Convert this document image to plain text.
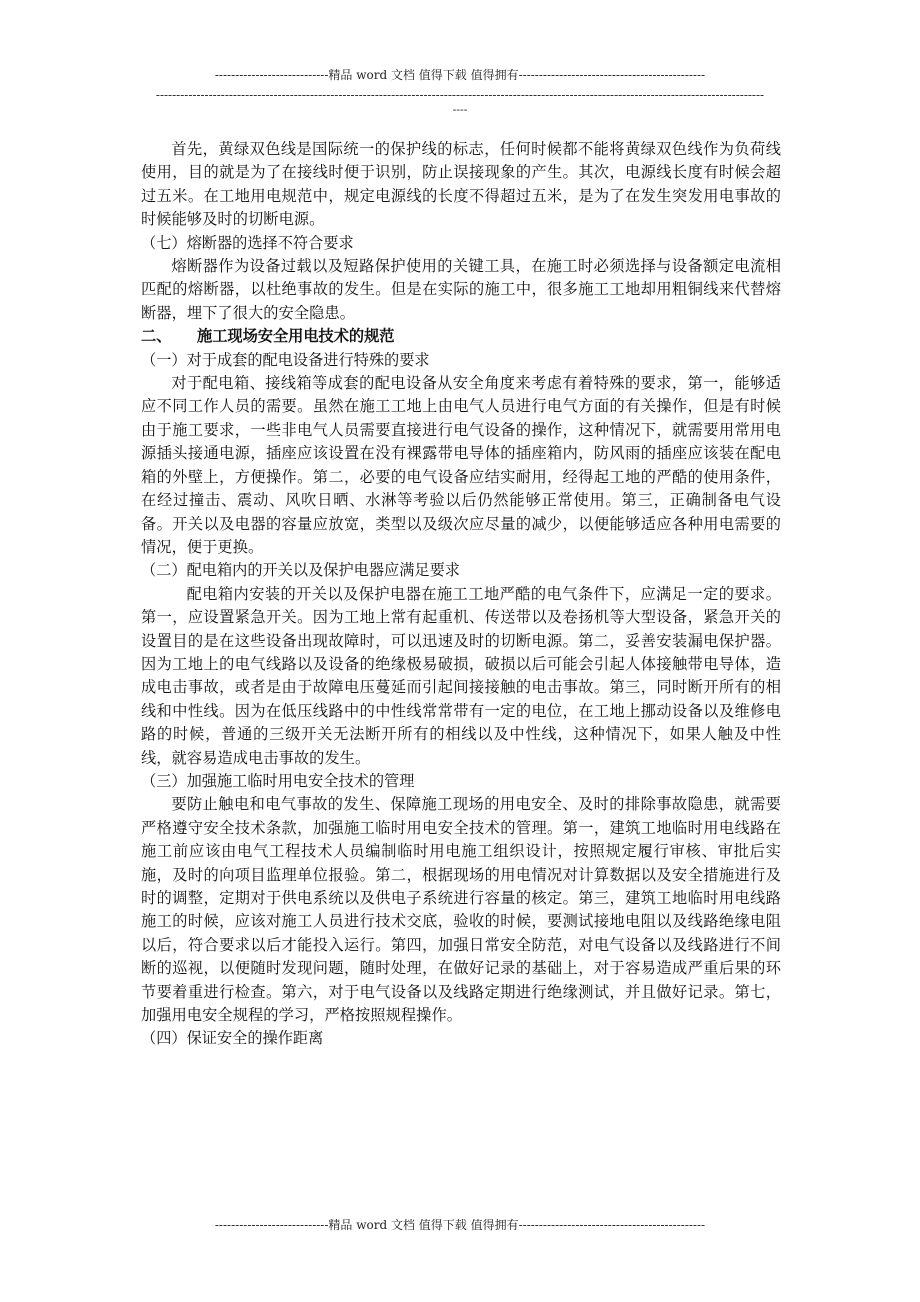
----------------------------精品 word 文档 值得下载 值得拥有----------------------------------------------
------------------------------------------------------------------------------------------------------------------------------------------------------
----

首先，黄绿双色线是国际统一的保护线的标志，任何时候都不能将黄绿双色线作为负荷线使用，目的就是为了在接线时便于识别，防止误接现象的产生。其次，电源线长度有时候会超过五米。在工地用电规范中，规定电源线的长度不得超过五米，是为了在发生突发用电事故的时候能够及时的切断电源。

（七）熔断器的选择不符合要求

熔断器作为设备过载以及短路保护使用的关键工具，在施工时必须选择与设备额定电流相匹配的熔断器，以杜绝事故的发生。但是在实际的施工中，很多施工工地却用粗铜线来代替熔断器，埋下了很大的安全隐患。

二、 施工现场安全用电技术的规范

（一）对于成套的配电设备进行特殊的要求

对于配电箱、接线箱等成套的配电设备从安全角度来考虑有着特殊的要求，第一，能够适应不同工作人员的需要。虽然在施工工地上由电气人员进行电气方面的有关操作，但是有时候由于施工要求，一些非电气人员需要直接进行电气设备的操作，这种情况下，就需要用常用电源插头接通电源，插座应该设置在没有裸露带电导体的插座箱内，防风雨的插座应该装在配电箱的外壁上，方便操作。第二，必要的电气设备应结实耐用，经得起工地的严酷的使用条件，在经过撞击、震动、风吹日晒、水淋等考验以后仍然能够正常使用。第三，正确制备电气设备。开关以及电器的容量应放宽，类型以及级次应尽量的减少，以便能够适应各种用电需要的情况，便于更换。

（二）配电箱内的开关以及保护电器应满足要求

配电箱内安装的开关以及保护电器在施工工地严酷的电气条件下，应满足一定的要求。第一，应设置紧急开关。因为工地上常有起重机、传送带以及卷扬机等大型设备，紧急开关的设置目的是在这些设备出现故障时，可以迅速及时的切断电源。第二，妥善安装漏电保护器。因为工地上的电气线路以及设备的绝缘极易破损，破损以后可能会引起人体接触带电导体，造成电击事故，或者是由于故障电压蔓延而引起间接接触的电击事故。第三，同时断开所有的相线和中性线。因为在低压线路中的中性线常常带有一定的电位，在工地上挪动设备以及维修电路的时候，普通的三级开关无法断开所有的相线以及中性线，这种情况下，如果人触及中性线，就容易造成电击事故的发生。

（三）加强施工临时用电安全技术的管理

要防止触电和电气事故的发生、保障施工现场的用电安全、及时的排除事故隐患，就需要严格遵守安全技术条款，加强施工临时用电安全技术的管理。第一，建筑工地临时用电线路在施工前应该由电气工程技术人员编制临时用电施工组织设计，按照规定履行审核、审批后实施，及时的向项目监理单位报验。第二，根据现场的用电情况对计算数据以及安全措施进行及时的调整，定期对于供电系统以及供电子系统进行容量的核定。第三，建筑工地临时用电线路施工的时候，应该对施工人员进行技术交底，验收的时候，要测试接地电阻以及线路绝缘电阻以后，符合要求以后才能投入运行。第四，加强日常安全防范，对电气设备以及线路进行不间断的巡视，以便随时发现问题，随时处理，在做好记录的基础上，对于容易造成严重后果的环节要着重进行检查。第六，对于电气设备以及线路定期进行绝缘测试，并且做好记录。第七，加强用电安全规程的学习，严格按照规程操作。

（四）保证安全的操作距离

----------------------------精品 word 文档 值得下载 值得拥有----------------------------------------------
